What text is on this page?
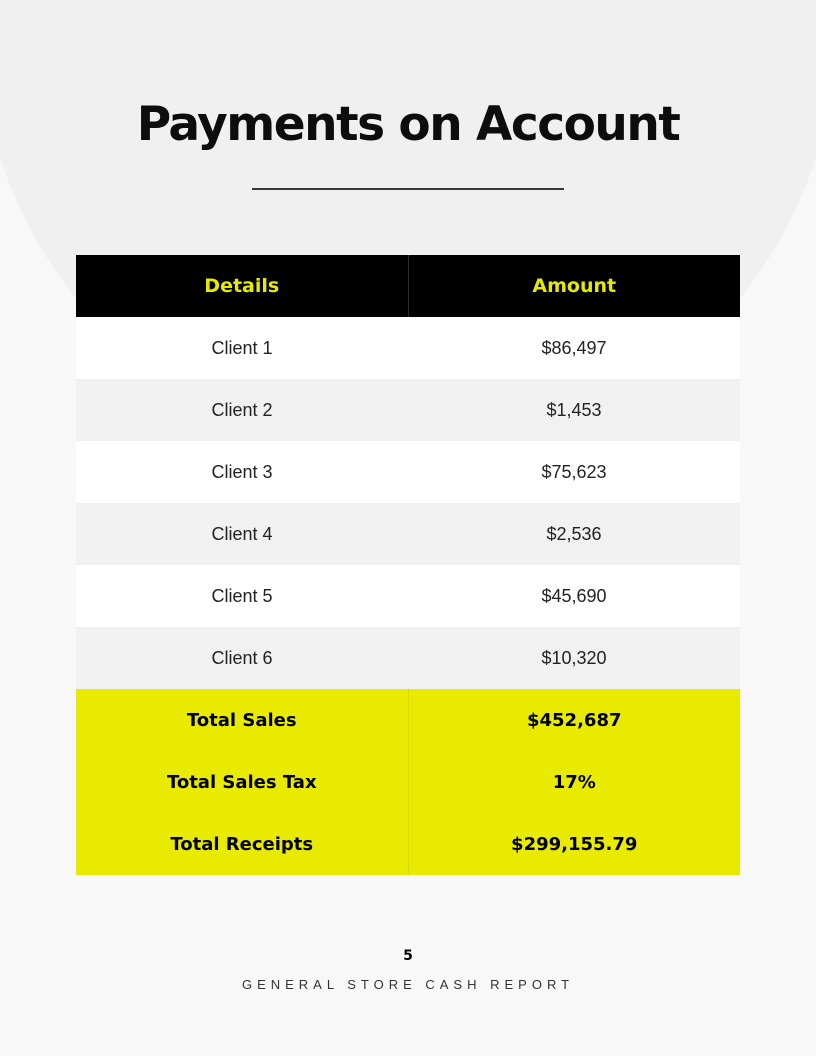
Payments on Account
Details	Amount
Client 1	$86,497
Client 2	$1,453
Client 3	$75,623
Client 4	$2,536
Client 5	$45,690
Client 6	$10,320
Total Sales	$452,687
Total Sales Tax	17%
Total Receipts	$299,155.79
5
GENERAL STORE CASH REPORT
